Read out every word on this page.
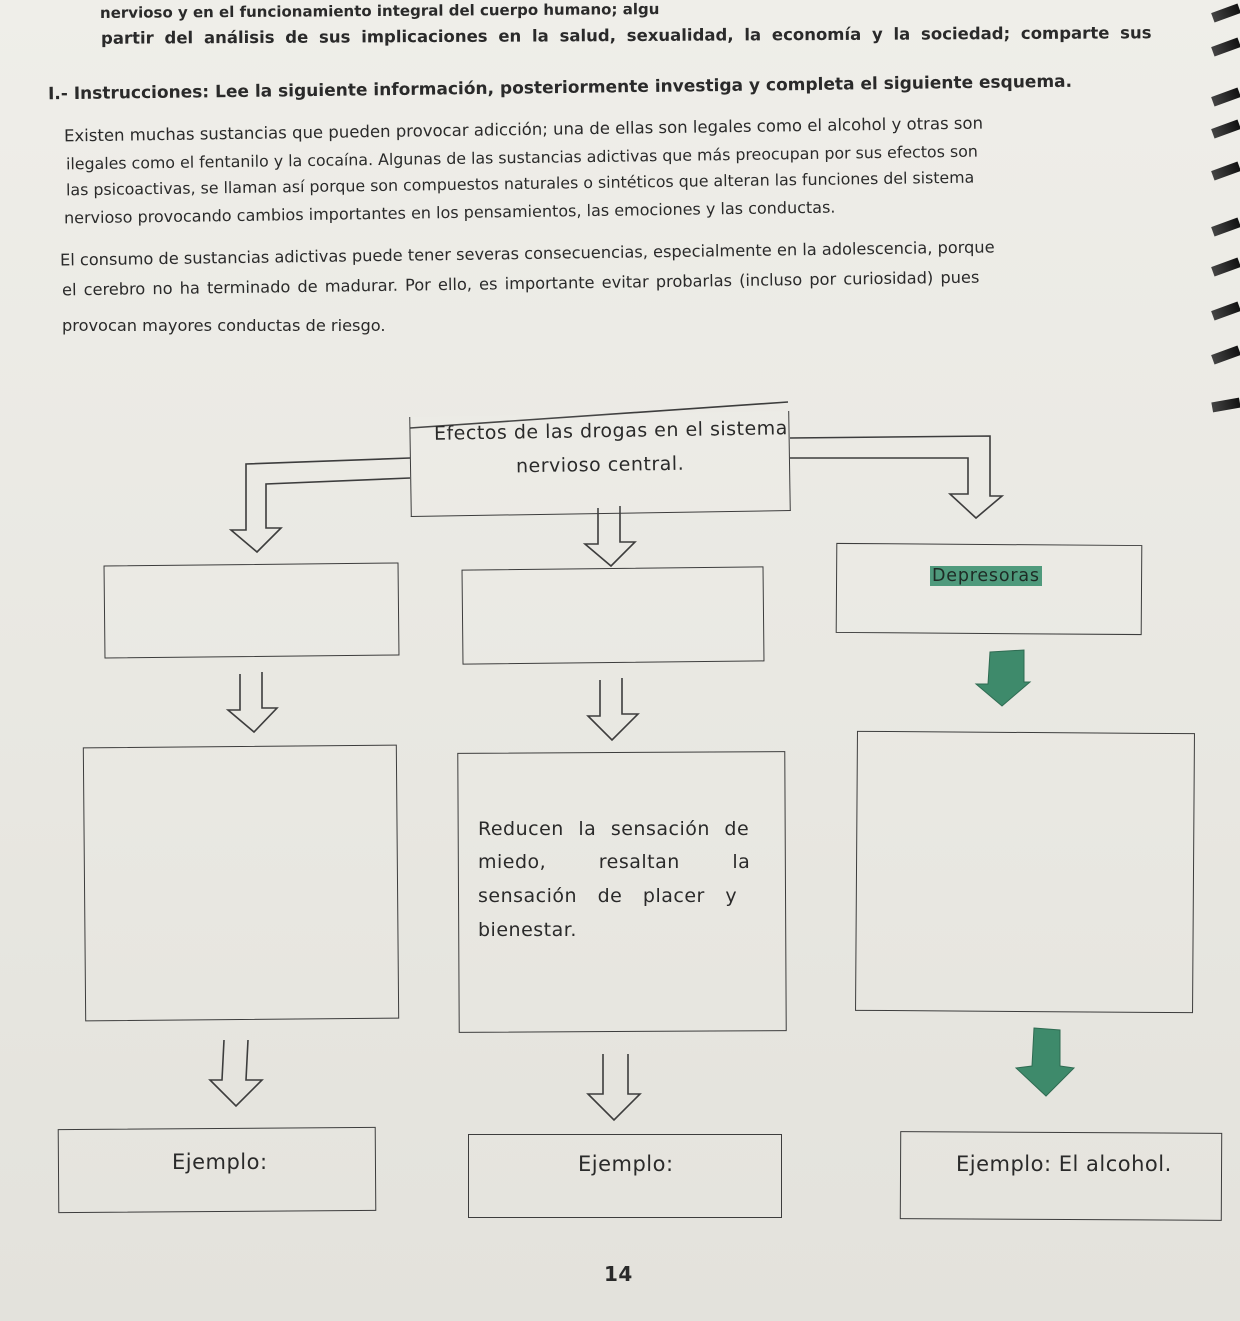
nervioso y en el funcionamiento integral del cuerpo humano; algu
partir del análisis de sus implicaciones en la salud, sexualidad, la economía y la sociedad; comparte sus
I.- Instrucciones: Lee la siguiente información, posteriormente investiga y completa el siguiente esquema.
Existen muchas sustancias que pueden provocar adicción; una de ellas son legales como el alcohol y otras son
ilegales como el fentanilo y la cocaína. Algunas de las sustancias adictivas que más preocupan por sus efectos son
las psicoactivas, se llaman así porque son compuestos naturales o sintéticos que alteran las funciones del sistema
nervioso provocando cambios importantes en los pensamientos, las emociones y las conductas.
El consumo de sustancias adictivas puede tener severas consecuencias, especialmente en la adolescencia, porque
el cerebro no ha terminado de madurar. Por ello, es importante evitar probarlas (incluso por curiosidad) pues
provocan mayores conductas de riesgo.
Efectos de las drogas en el sistema
nervioso central.
Depresoras
Reducen la sensación de
miedo, resaltan la
sensación de placer y
bienestar.
Ejemplo:	Ejemplo:	Ejemplo: El alcohol.
14
